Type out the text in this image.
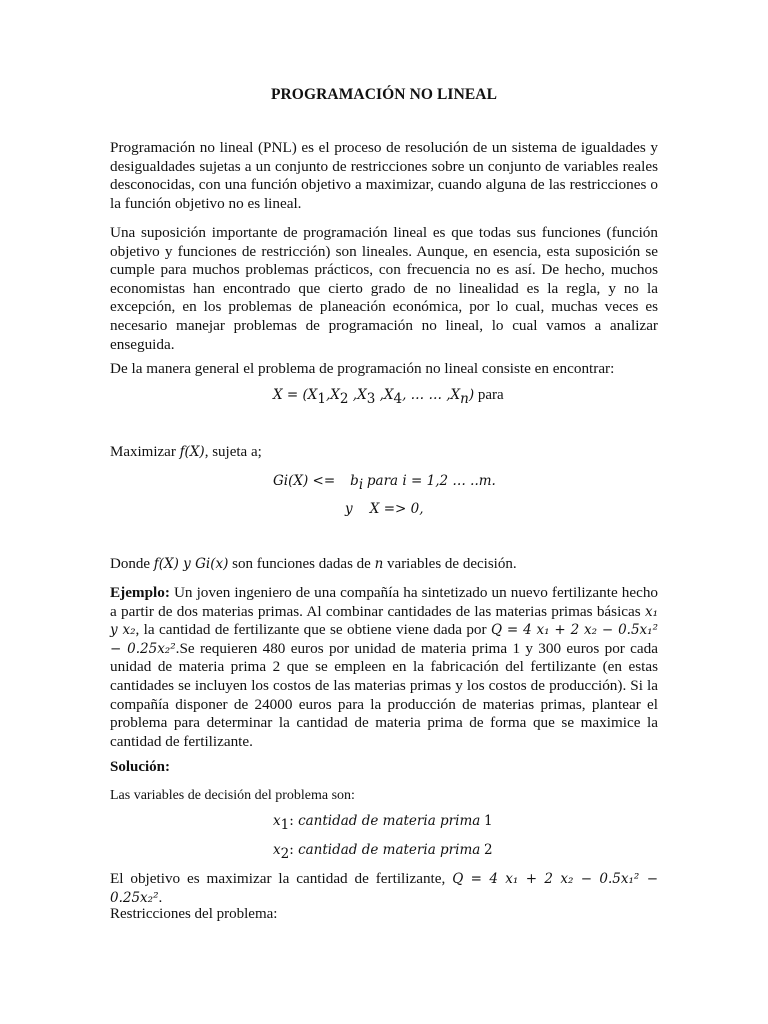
PROGRAMACIÓN NO LINEAL
Programación no lineal (PNL) es el proceso de resolución de un sistema de igualdades y desigualdades sujetas a un conjunto de restricciones sobre un conjunto de variables reales desconocidas, con una función objetivo a maximizar, cuando alguna de las restricciones o la función objetivo no es lineal.
Una suposición importante de programación lineal es que todas sus funciones (función objetivo y funciones de restricción) son lineales. Aunque, en esencia, esta suposición se cumple para muchos problemas prácticos, con frecuencia no es así. De hecho, muchos economistas han encontrado que cierto grado de no linealidad es la regla, y no la excepción, en los problemas de planeación económica, por lo cual, muchas veces es necesario manejar problemas de programación no lineal, lo cual vamos a analizar enseguida.
De la manera general el problema de programación no lineal consiste en encontrar:
$X = (X_1,X_2$ $,X_3$ $,X_4$, … … $,X_n$) para
Maximizar f(X), sujeta a;
$Gi(X) <= b_i$ para i = 1,2 … ..m.
y    X => 0,
Donde f(X) y Gi(x) son funciones dadas de n variables de decisión.
Ejemplo: Un joven ingeniero de una compañía ha sintetizado un nuevo fertilizante hecho a partir de dos materias primas. Al combinar cantidades de las materias primas básicas x₁ y x₂, la cantidad de fertilizante que se obtiene viene dada por Q = 4 x₁ + 2 x₂ − 0.5x₁² − 0.25x₂².Se requieren 480 euros por unidad de materia prima 1 y 300 euros por cada unidad de materia prima 2 que se empleen en la fabricación del fertilizante (en estas cantidades se incluyen los costos de las materias primas y los costos de producción). Si la compañía disponer de 24000 euros para la producción de materias primas, plantear el problema para determinar la cantidad de materia prima de forma que se maximice la cantidad de fertilizante.
Solución:
Las variables de decisión del problema son:
$x_1$: cantidad de materia prima 1
$x_2$: cantidad de materia prima 2
El objetivo es maximizar la cantidad de fertilizante, Q = 4 x₁ + 2 x₂ − 0.5x₁² − 0.25x₂².
Restricciones del problema:
